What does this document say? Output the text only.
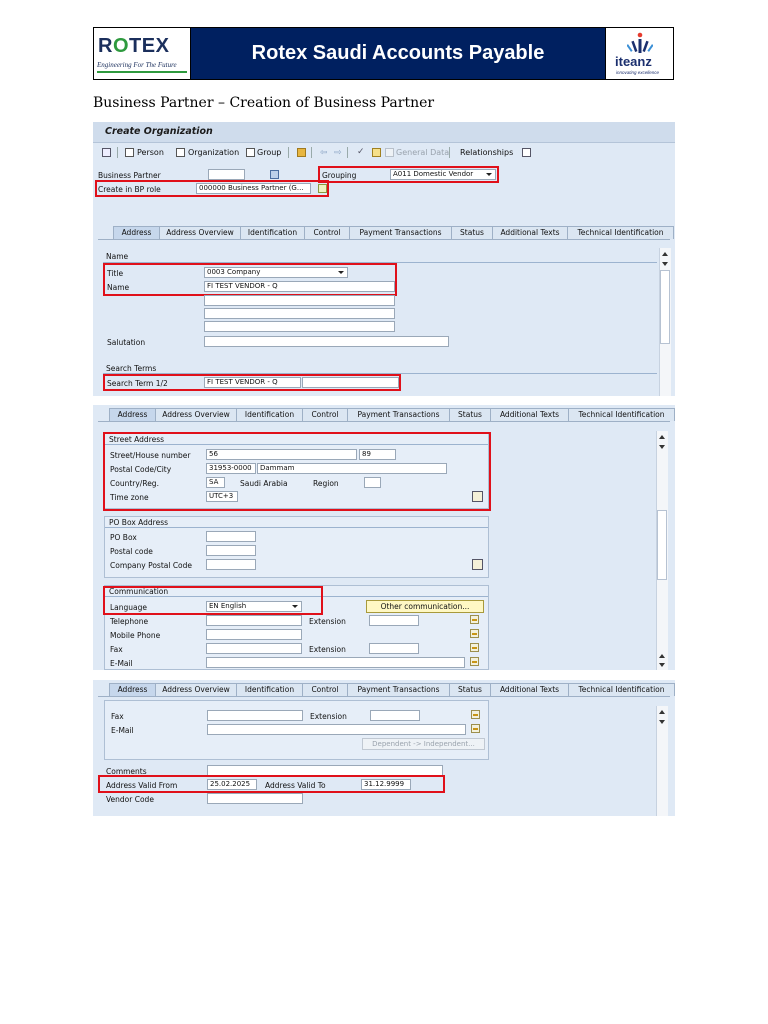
ROTEX
Engineering For The Future
Rotex Saudi Accounts Payable	iteanz
innovating excellence
Business Partner – Creation of Business Partner
Create Organization
Person	Organization Group	⇦ ⇨ ✓	General Data Relationships
Business Partner	Grouping	A011 Domestic Vendor
Create in BP role	000000 Business Partner (G...
Address	Address Overview	Identification	Control	Payment Transactions	Status	Additional Texts	Technical Identification
Name
Title	0003 Company
Name	FI TEST VENDOR - Q
Salutation
Search Terms
Search Term 1/2	FI TEST VENDOR - Q
Address	Address Overview	Identification	Control	Payment Transactions	Status	Additional Texts	Technical Identification
Street Address
Street/House number	56	89
Postal Code/City	31953-0000	Dammam
Country/Reg.	SA	Saudi Arabia	Region
Time zone	UTC+3
PO Box Address
PO Box
Postal code
Company Postal Code
Communication
Language	EN English	Other communication...
Telephone	Extension
Mobile Phone
Fax	Extension
E-Mail
Address	Address Overview	Identification	Control	Payment Transactions	Status	Additional Texts	Technical Identification
Fax	Extension
E-Mail
Dependent -> Independent...
Comments
Address Valid From	25.02.2025	Address Valid To	31.12.9999
Vendor Code
